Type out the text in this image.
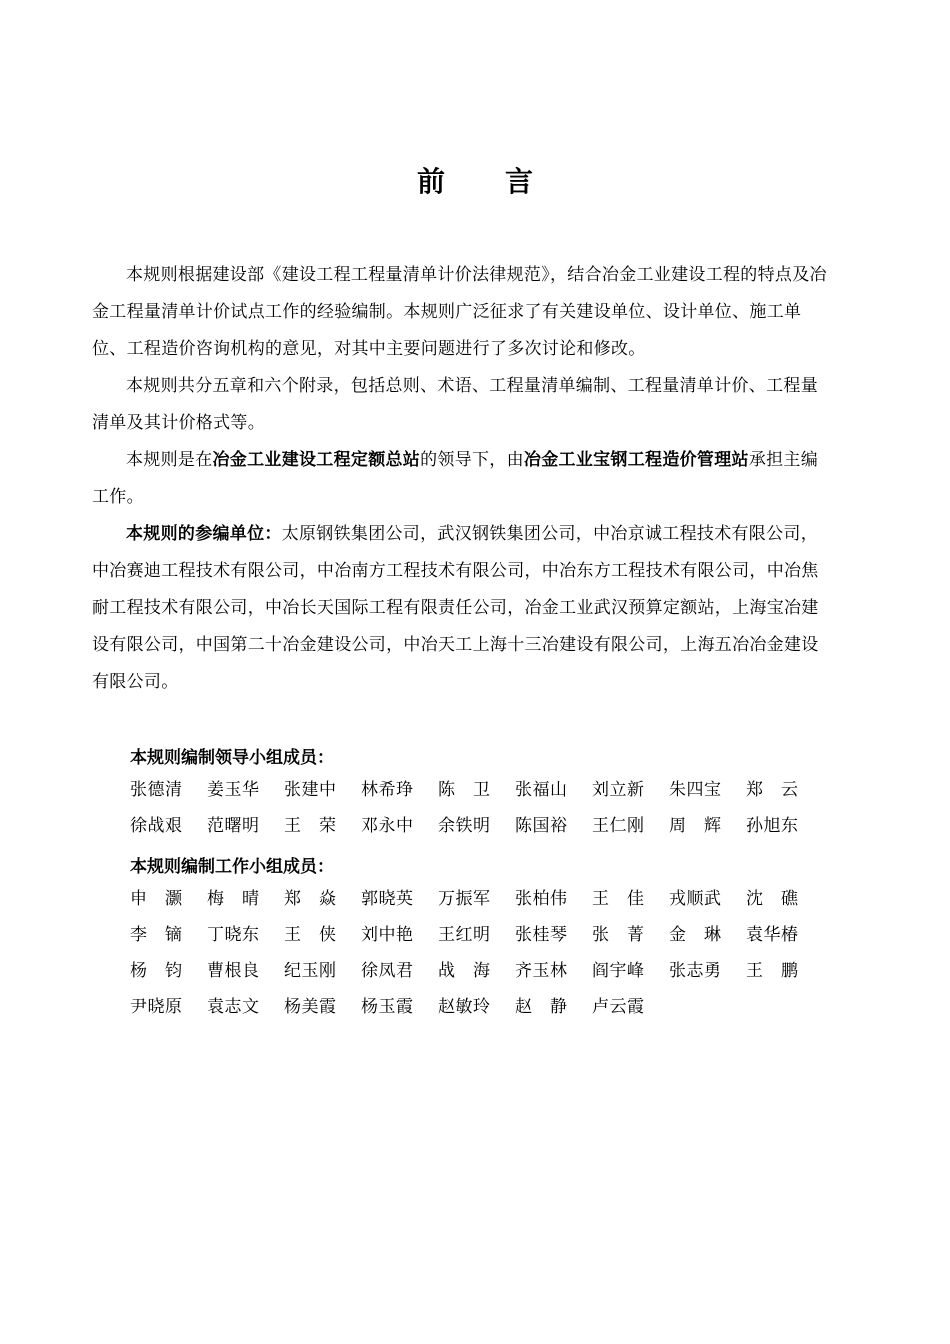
前 言

本规则根据建设部《建设工程工程量清单计价法律规范》，结合冶金工业建设工程的特点及冶金工程量清单计价试点工作的经验编制。本规则广泛征求了有关建设单位、设计单位、施工单位、工程造价咨询机构的意见，对其中主要问题进行了多次讨论和修改。

本规则共分五章和六个附录，包括总则、术语、工程量清单编制、工程量清单计价、工程量清单及其计价格式等。

本规则是在冶金工业建设工程定额总站的领导下，由冶金工业宝钢工程造价管理站承担主编工作。

本规则的参编单位：太原钢铁集团公司，武汉钢铁集团公司，中冶京诚工程技术有限公司，中冶赛迪工程技术有限公司，中冶南方工程技术有限公司，中冶东方工程技术有限公司，中冶焦耐工程技术有限公司，中冶长天国际工程有限责任公司，冶金工业武汉预算定额站，上海宝冶建设有限公司，中国第二十冶金建设公司，中冶天工上海十三冶建设有限公司，上海五冶冶金建设有限公司。

本规则编制领导小组成员：
张德清	姜玉华	张建中	林希琤	陈　卫	张福山	刘立新	朱四宝	郑　云
徐战艰	范曙明	王　荣	邓永中	余铁明	陈国裕	王仁刚	周　辉	孙旭东
本规则编制工作小组成员：
申　灏	梅　晴	郑　焱	郭晓英	万振军	张柏伟	王　佳	戎顺武	沈　礁
李　镝	丁晓东	王　侠	刘中艳	王红明	张桂琴	张　菁	金　琳	袁华椿
杨　钧	曹根良	纪玉刚	徐凤君	战　海	齐玉林	阎宇峰	张志勇	王　鹏
尹晓原	袁志文	杨美霞	杨玉霞	赵敏玲	赵　静	卢云霞
